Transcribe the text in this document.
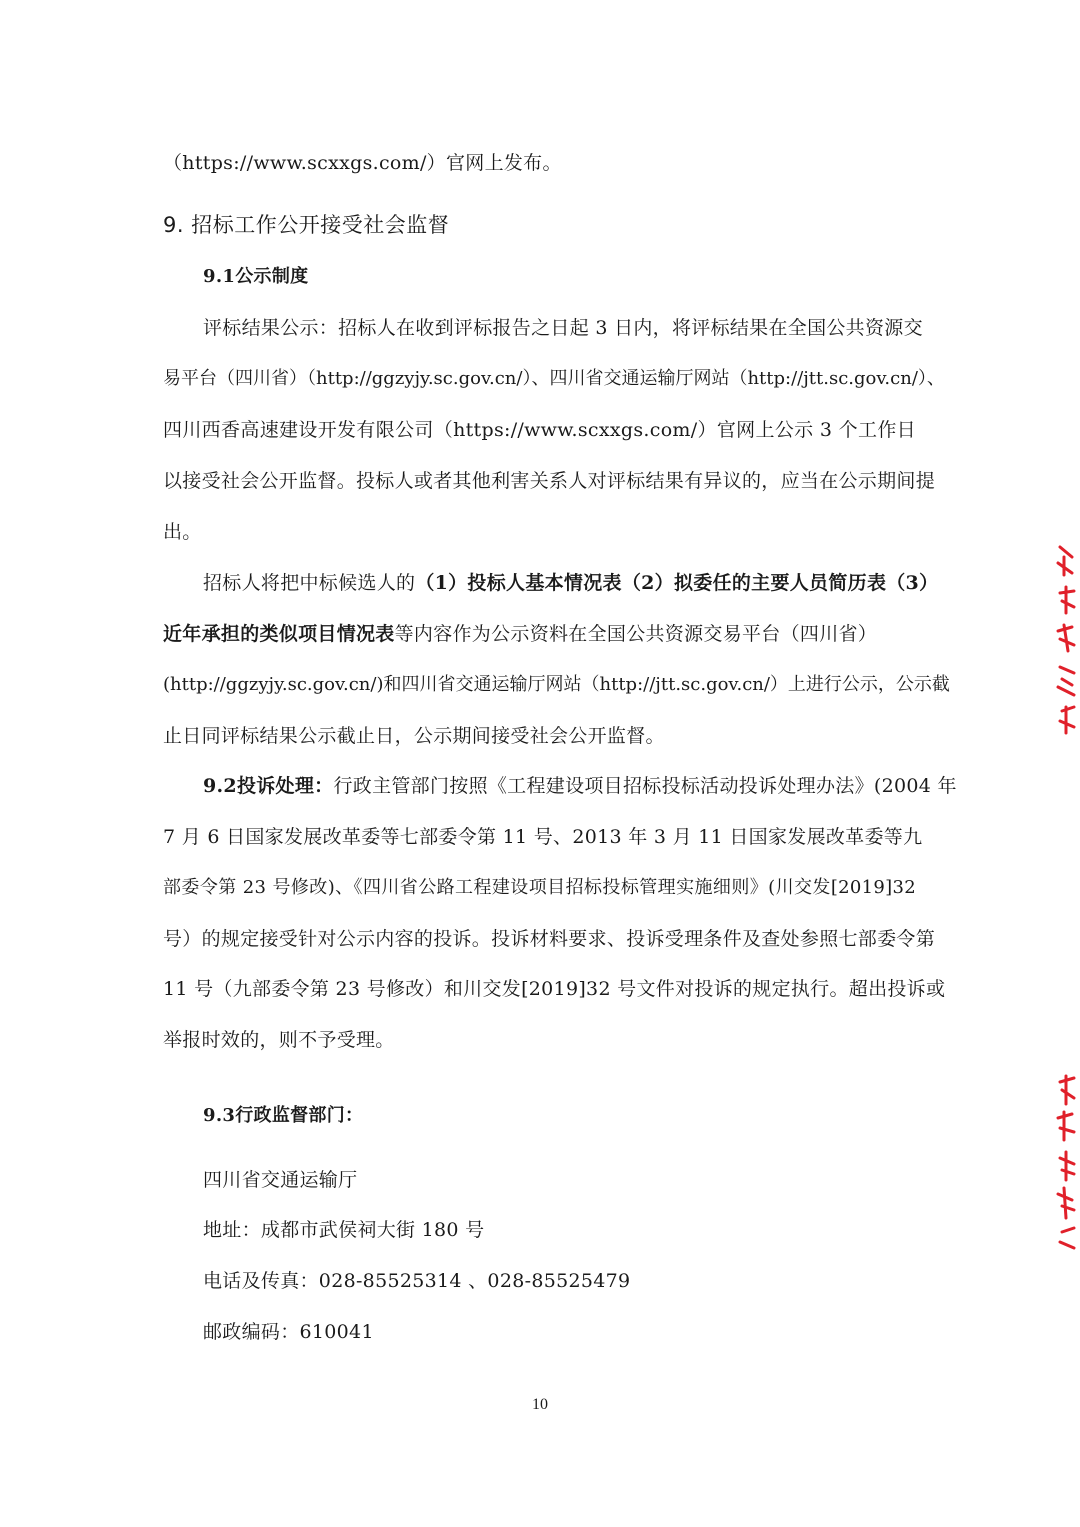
（https://www.scxxgs.com/）官网上发布。
9. 招标工作公开接受社会监督
9.1公示制度
评标结果公示：招标人在收到评标报告之日起 3 日内，将评标结果在全国公共资源交
易平台（四川省）（http://ggzyjy.sc.gov.cn/）、四川省交通运输厅网站（http://jtt.sc.gov.cn/）、
四川西香高速建设开发有限公司（https://www.scxxgs.com/）官网上公示 3 个工作日
以接受社会公开监督。投标人或者其他利害关系人对评标结果有异议的，应当在公示期间提
出。
招标人将把中标候选人的（1）投标人基本情况表（2）拟委任的主要人员简历表（3）
近年承担的类似项目情况表等内容作为公示资料在全国公共资源交易平台（四川省）
(http://ggzyjy.sc.gov.cn/)和四川省交通运输厅网站（http://jtt.sc.gov.cn/）上进行公示，公示截
止日同评标结果公示截止日，公示期间接受社会公开监督。
9.2投诉处理：行政主管部门按照《工程建设项目招标投标活动投诉处理办法》(2004 年
7 月 6 日国家发展改革委等七部委令第 11 号、2013 年 3 月 11 日国家发展改革委等九
部委令第 23 号修改)、《四川省公路工程建设项目招标投标管理实施细则》(川交发[2019]32
号）的规定接受针对公示内容的投诉。投诉材料要求、投诉受理条件及查处参照七部委令第
11 号（九部委令第 23 号修改）和川交发[2019]32 号文件对投诉的规定执行。超出投诉或
举报时效的，则不予受理。
9.3行政监督部门：
四川省交通运输厅
地址：成都市武侯祠大街 180 号
电话及传真：028-85525314 、028-85525479
邮政编码：610041
10
